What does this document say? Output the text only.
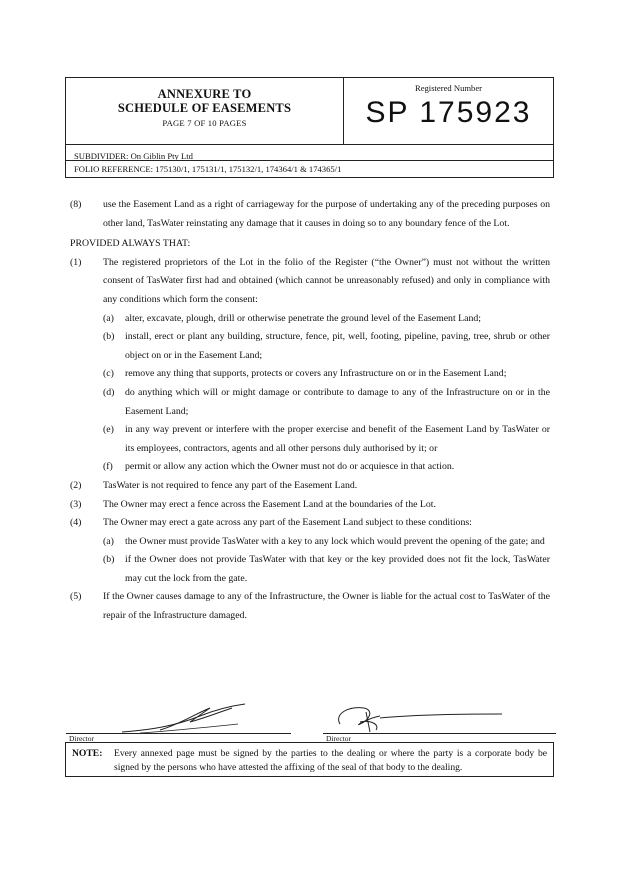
ANNEXURE TO
SCHEDULE OF EASEMENTS
PAGE 7 OF 10 PAGES
Registered Number
SP 175923
SUBDIVIDER: On Giblin Pty Ltd
FOLIO REFERENCE: 175130/1, 175131/1, 175132/1, 174364/1 & 174365/1
(8)	use the Easement Land as a right of carriageway for the purpose of undertaking any of the preceding purposes on other land, TasWater reinstating any damage that it causes in doing so to any boundary fence of the Lot.
PROVIDED ALWAYS THAT:
(1)	The registered proprietors of the Lot in the folio of the Register (“the Owner”) must not without the written consent of TasWater first had and obtained (which cannot be unreasonably refused) and only in compliance with any conditions which form the consent:
(a)	alter, excavate, plough, drill or otherwise penetrate the ground level of the Easement Land;
(b)	install, erect or plant any building, structure, fence, pit, well, footing, pipeline, paving, tree, shrub or other object on or in the Easement Land;
(c)	remove any thing that supports, protects or covers any Infrastructure on or in the Easement Land;
(d)	do anything which will or might damage or contribute to damage to any of the Infrastructure on or in the Easement Land;
(e)	in any way prevent or interfere with the proper exercise and benefit of the Easement Land by TasWater or its employees, contractors, agents and all other persons duly authorised by it; or
(f)	permit or allow any action which the Owner must not do or acquiesce in that action.
(2)	TasWater is not required to fence any part of the Easement Land.
(3)	The Owner may erect a fence across the Easement Land at the boundaries of the Lot.
(4)	The Owner may erect a gate across any part of the Easement Land subject to these conditions:
(a)	the Owner must provide TasWater with a key to any lock which would prevent the opening of the gate; and
(b)	if the Owner does not provide TasWater with that key or the key provided does not fit the lock, TasWater may cut the lock from the gate.
(5)	If the Owner causes damage to any of the Infrastructure, the Owner is liable for the actual cost to TasWater of the repair of the Infrastructure damaged.
Director	Director
NOTE:	Every annexed page must be signed by the parties to the dealing or where the party is a corporate body be signed by the persons who have attested the affixing of the seal of that body to the dealing.
